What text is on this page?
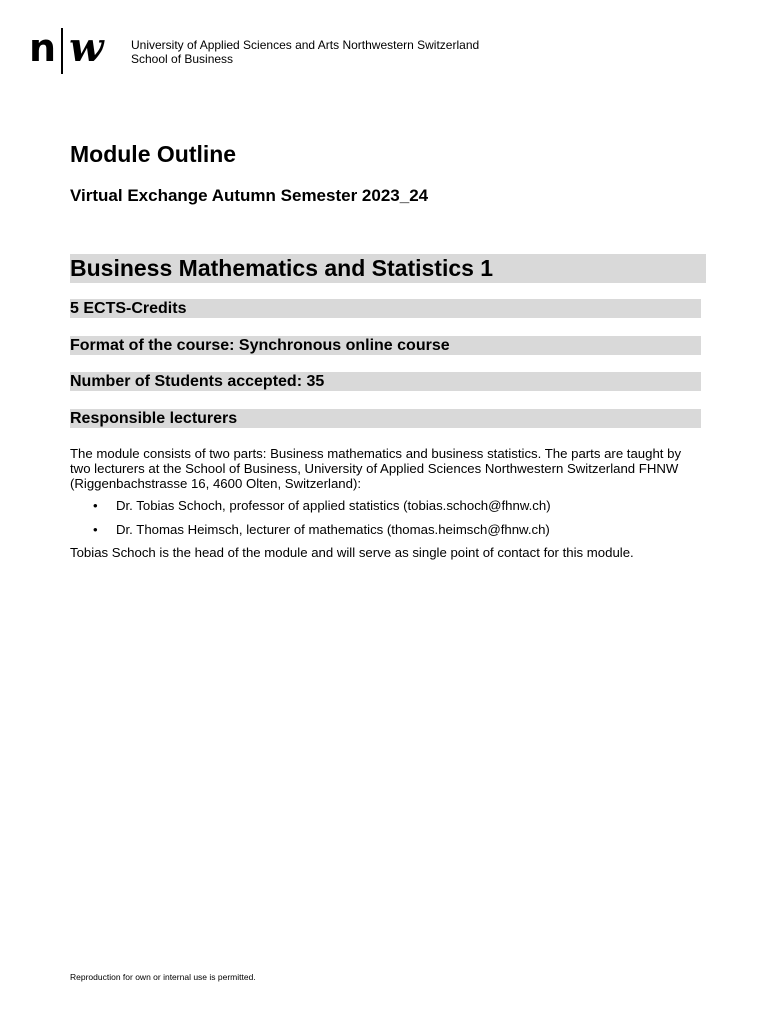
n w University of Applied Sciences and Arts Northwestern Switzerland
School of Business
Module Outline
Virtual Exchange Autumn Semester 2023_24
Business Mathematics and Statistics 1
5 ECTS-Credits
Format of the course: Synchronous online course
Number of Students accepted: 35
Responsible lecturers

The module consists of two parts: Business mathematics and business statistics. The parts are taught by two lecturers at the School of Business, University of Applied Sciences Northwestern Switzerland FHNW (Riggenbachstrasse 16, 4600 Olten, Switzerland):

• Dr. Tobias Schoch, professor of applied statistics (tobias.schoch@fhnw.ch)
• Dr. Thomas Heimsch, lecturer of mathematics (thomas.heimsch@fhnw.ch)

Tobias Schoch is the head of the module and will serve as single point of contact for this module.

Reproduction for own or internal use is permitted.
